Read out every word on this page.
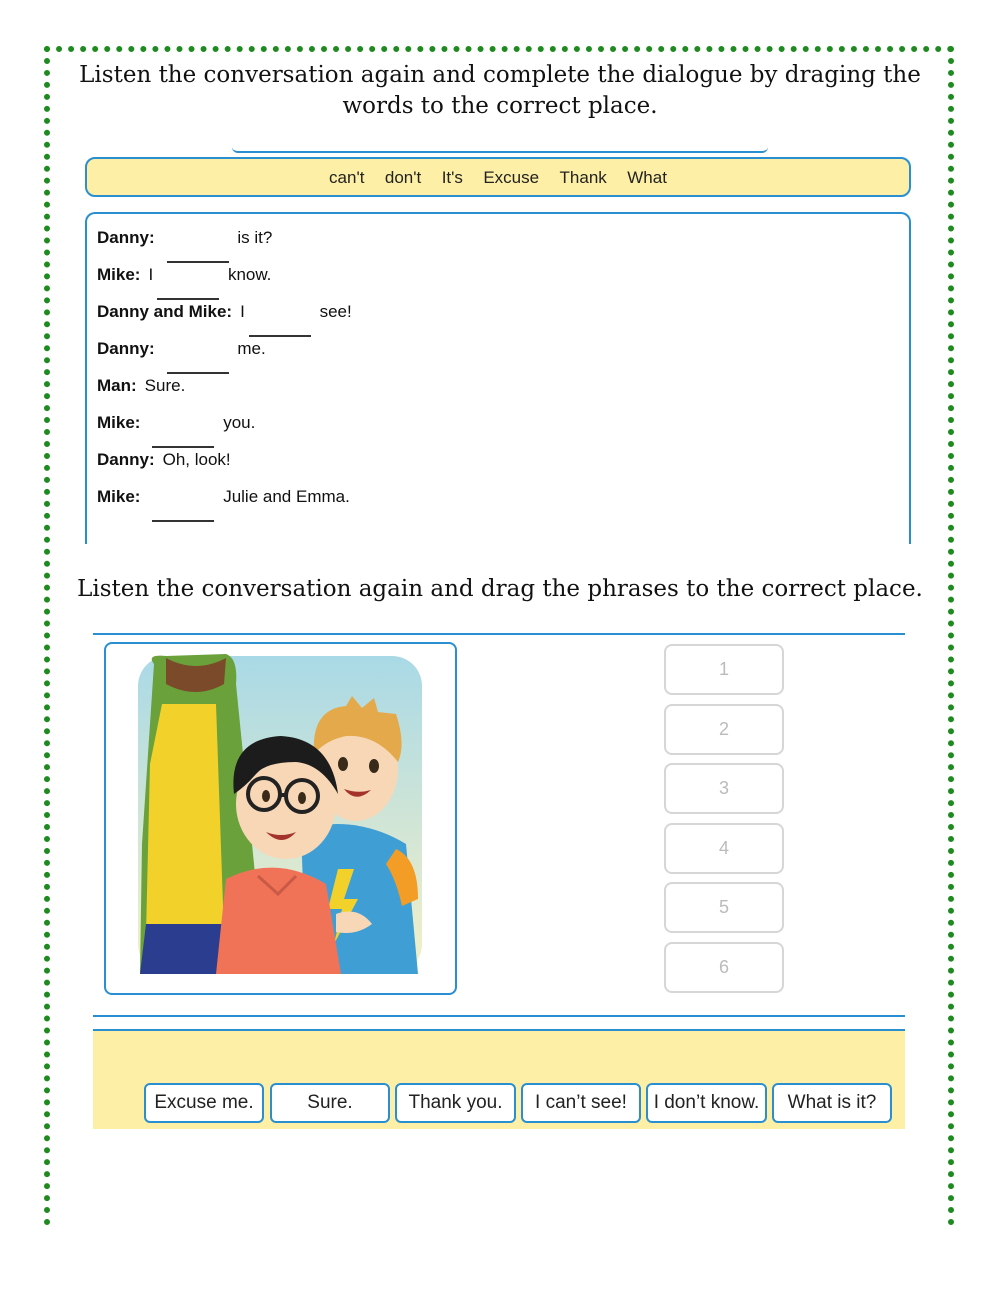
Listen the conversation again and complete the dialogue by draging the words to the correct place.
can't don't It's Excuse Thank What
Danny:	is it?
Mike: I	know.
Danny and Mike: I	see!
Danny:	me.
Man: Sure.
Mike:	you.
Danny: Oh, look!
Mike:	Julie and Emma.
Listen the conversation again and drag the phrases to the correct place.
1
2
3
4
5
6
Excuse me.	Sure.	Thank you.	I can’t see!	I don’t know.	What is it?
